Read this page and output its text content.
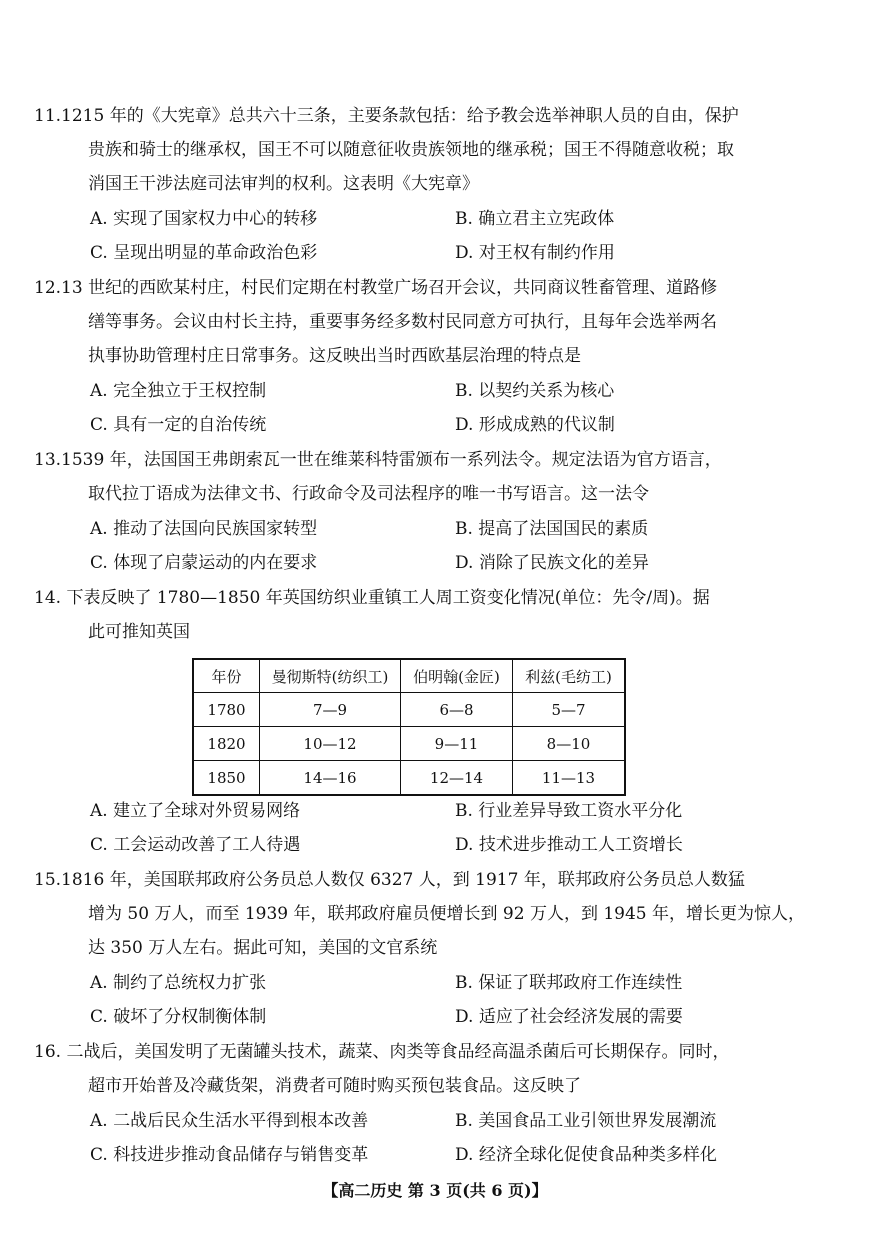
11.1215 年的《大宪章》总共六十三条，主要条款包括：给予教会选举神职人员的自由，保护
贵族和骑士的继承权，国王不可以随意征收贵族领地的继承税；国王不得随意收税；取
消国王干涉法庭司法审判的权利。这表明《大宪章》
A. 实现了国家权力中心的转移	B. 确立君主立宪政体
C. 呈现出明显的革命政治色彩	D. 对王权有制约作用
12.13 世纪的西欧某村庄，村民们定期在村教堂广场召开会议，共同商议牲畜管理、道路修
缮等事务。会议由村长主持，重要事务经多数村民同意方可执行，且每年会选举两名
执事协助管理村庄日常事务。这反映出当时西欧基层治理的特点是
A. 完全独立于王权控制	B. 以契约关系为核心
C. 具有一定的自治传统	D. 形成成熟的代议制
13.1539 年，法国国王弗朗索瓦一世在维莱科特雷颁布一系列法令。规定法语为官方语言，
取代拉丁语成为法律文书、行政命令及司法程序的唯一书写语言。这一法令
A. 推动了法国向民族国家转型	B. 提高了法国国民的素质
C. 体现了启蒙运动的内在要求	D. 消除了民族文化的差异
14. 下表反映了 1780—1850 年英国纺织业重镇工人周工资变化情况(单位：先令/周)。据
此可推知英国
年份	曼彻斯特(纺织工)	伯明翰(金匠)	利兹(毛纺工)
1780	7—9	6—8	5—7
1820	10—12	9—11	8—10
1850	14—16	12—14	11—13
A. 建立了全球对外贸易网络	B. 行业差异导致工资水平分化
C. 工会运动改善了工人待遇	D. 技术进步推动工人工资增长
15.1816 年，美国联邦政府公务员总人数仅 6327 人，到 1917 年，联邦政府公务员总人数猛
增为 50 万人，而至 1939 年，联邦政府雇员便增长到 92 万人，到 1945 年，增长更为惊人，
达 350 万人左右。据此可知，美国的文官系统
A. 制约了总统权力扩张	B. 保证了联邦政府工作连续性
C. 破坏了分权制衡体制	D. 适应了社会经济发展的需要
16. 二战后，美国发明了无菌罐头技术，蔬菜、肉类等食品经高温杀菌后可长期保存。同时，
超市开始普及冷藏货架，消费者可随时购买预包装食品。这反映了
A. 二战后民众生活水平得到根本改善	B. 美国食品工业引领世界发展潮流
C. 科技进步推动食品储存与销售变革	D. 经济全球化促使食品种类多样化
【高二历史 第 3 页(共 6 页)】
